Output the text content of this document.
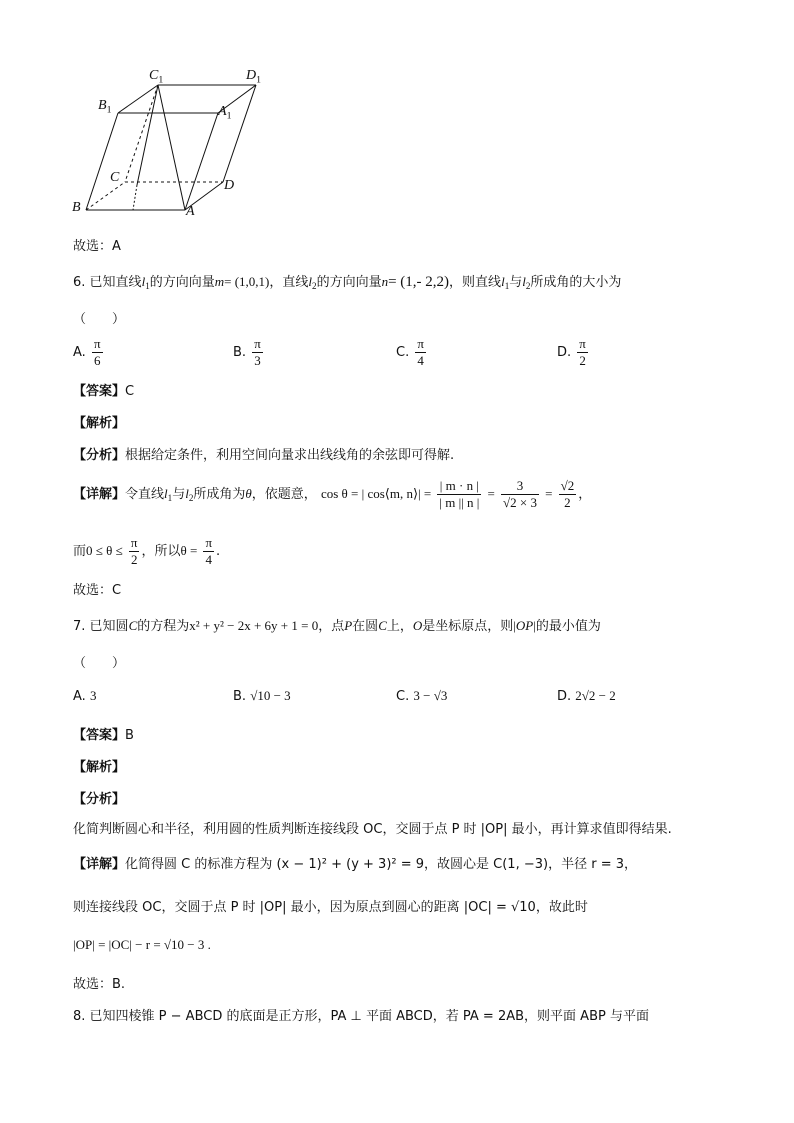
$C_1$	$D_1$
$B_1$	$A_1$
C
D
B	A
故选：A
6. 已知直线$l_1$的方向向量m= (1,0,1)，直线$l_2$的方向向量n= (1,- 2,2)，则直线$l_1$与$l_2$所成角的大小为
（　　）
A. $\frac{\pi}{6}$	B. $\frac{\pi}{3}$	C. $\frac{\pi}{4}$	D. $\frac{\pi}{2}$
【答案】C
【解析】
【分析】根据给定条件，利用空间向量求出线线角的余弦即可得解.
【详解】令直线$l_1$与$l_2$所成角为θ，依题意， cos θ = | cos⟨m, n⟩| = $\frac{| m \cdot n |}{| m || n |} = \frac{3}{√2 \times 3} = \frac{√2}{2}$ ，
而$0 \le \theta \le \frac{\pi}{2}$ ，所以$\theta = \frac{\pi}{4}$ .
故选：C
7. 已知圆C的方程为x² + y² − 2x + 6y + 1 = 0，点P在圆C上，O是坐标原点，则|OP|的最小值为
（　　）
A. 3	B. √10 − 3	C. 3 − √3	D. 2√2 − 2
【答案】B
【解析】
【分析】
化简判断圆心和半径，利用圆的性质判断连接线段 OC，交圆于点 P 时 |OP| 最小，再计算求值即得结果.
【详解】化简得圆 C 的标准方程为 (x − 1)² + (y + 3)² = 9，故圆心是 C(1, −3)，半径 r = 3，
则连接线段 OC，交圆于点 P 时 |OP| 最小，因为原点到圆心的距离 |OC| = √10，故此时
|OP| = |OC| − r = √10 − 3 .
故选：B.
8. 已知四棱锥 P − ABCD 的底面是正方形，PA ⊥ 平面 ABCD，若 PA = 2AB，则平面 ABP 与平面
